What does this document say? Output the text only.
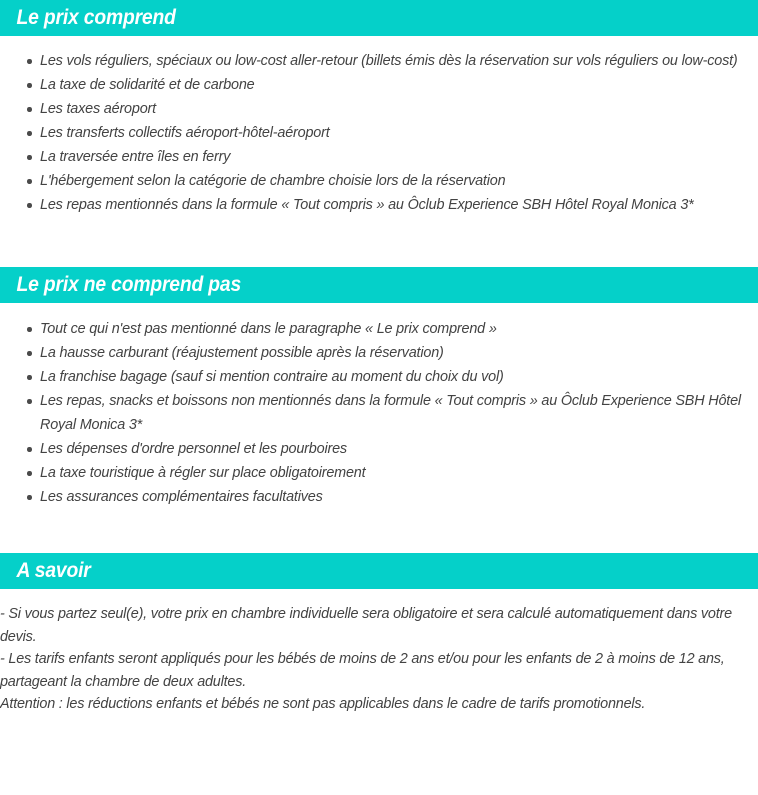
Le prix comprend
Les vols réguliers, spéciaux ou low-cost aller-retour (billets émis dès la réservation sur vols réguliers ou low-cost)
La taxe de solidarité et de carbone
Les taxes aéroport
Les transferts collectifs aéroport-hôtel-aéroport
La traversée entre îles en ferry
L'hébergement selon la catégorie de chambre choisie lors de la réservation
Les repas mentionnés dans la formule « Tout compris » au Ôclub Experience SBH Hôtel Royal Monica 3*
Le prix ne comprend pas
Tout ce qui n'est pas mentionné dans le paragraphe « Le prix comprend »
La hausse carburant (réajustement possible après la réservation)
La franchise bagage (sauf si mention contraire au moment du choix du vol)
Les repas, snacks et boissons non mentionnés dans la formule « Tout compris » au Ôclub Experience SBH Hôtel Royal Monica 3*
Les dépenses d'ordre personnel et les pourboires
La taxe touristique à régler sur place obligatoirement
Les assurances complémentaires facultatives
A savoir

- Si vous partez seul(e), votre prix en chambre individuelle sera obligatoire et sera calculé automatiquement dans votre devis.

- Les tarifs enfants seront appliqués pour les bébés de moins de 2 ans et/ou pour les enfants de 2 à moins de 12 ans, partageant la chambre de deux adultes.

Attention : les réductions enfants et bébés ne sont pas applicables dans le cadre de tarifs promotionnels.
